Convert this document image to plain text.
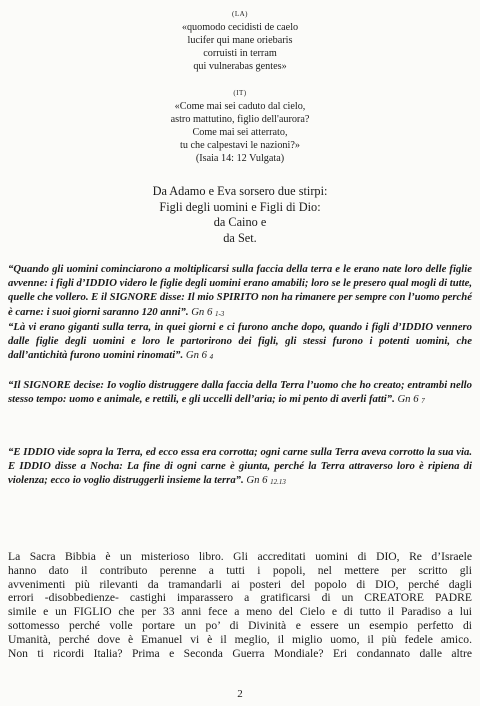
(LA)
«quomodo cecidisti de caelo
lucifer qui mane oriebaris
corruisti in terram
qui vulnerabas gentes»
(IT)
«Come mai sei caduto dal cielo,
astro mattutino, figlio dell'aurora?
Come mai sei atterrato,
tu che calpestavi le nazioni?»
(Isaia 14: 12 Vulgata)
Da Adamo e Eva sorsero due stirpi:
Figli degli uomini e Figli di Dio:
da Caino e
da Set.
“Quando gli uomini cominciarono a moltiplicarsi sulla faccia della terra e le erano nate loro delle figlie avvenne: i figli d’IDDIO videro le figlie degli uomini erano amabili; loro se le presero qual mogli di tutte, quelle che vollero. E il SIGNORE disse: Il mio SPIRITO non ha rimanere per sempre con l’uomo perché è carne: i suoi giorni saranno 120 anni”. Gn 6 $_{1-3}$
“Là vi erano giganti sulla terra, in quei giorni e ci furono anche dopo, quando i figli d’IDDIO vennero dalle figlie degli uomini e loro le partorirono dei figli, gli stessi furono i potenti uomini, che dall’antichità furono uomini rinomati”. Gn 6 $_4$
“Il SIGNORE decise: Io voglio distruggere dalla faccia della Terra l’uomo che ho creato; entrambi nello stesso tempo: uomo e animale, e rettili, e gli uccelli dell’aria; io mi pento di averli fatti”. Gn 6 $_7$
“E IDDIO vide sopra la Terra, ed ecco essa era corrotta; ogni carne sulla Terra aveva corrotto la sua via. E IDDIO disse a Nocha: La fine di ogni carne è giunta, perché la Terra attraverso loro è ripiena di violenza; ecco io voglio distruggerli insieme la terra”. Gn 6 $_{12.13}$
La Sacra Bibbia è un misterioso libro. Gli accreditati uomini di DIO, Re d’Israele
hanno dato il contributo perenne a tutti i popoli, nel mettere per scritto gli
avvenimenti più rilevanti da tramandarli ai posteri del popolo di DIO, perché dagli
errori -disobbedienze- castighi imparassero a gratificarsi di un CREATORE PADRE
simile e un FIGLIO che per 33 anni fece a meno del Cielo e di tutto il Paradiso a lui
sottomesso perché volle portare un po’ di Divinità e essere un esempio perfetto di
Umanità, perché dove è Emanuel vi è il meglio, il miglio uomo, il più fedele amico.
Non ti ricordi Italia? Prima e Seconda Guerra Mondiale? Eri condannato dalle altre
2
